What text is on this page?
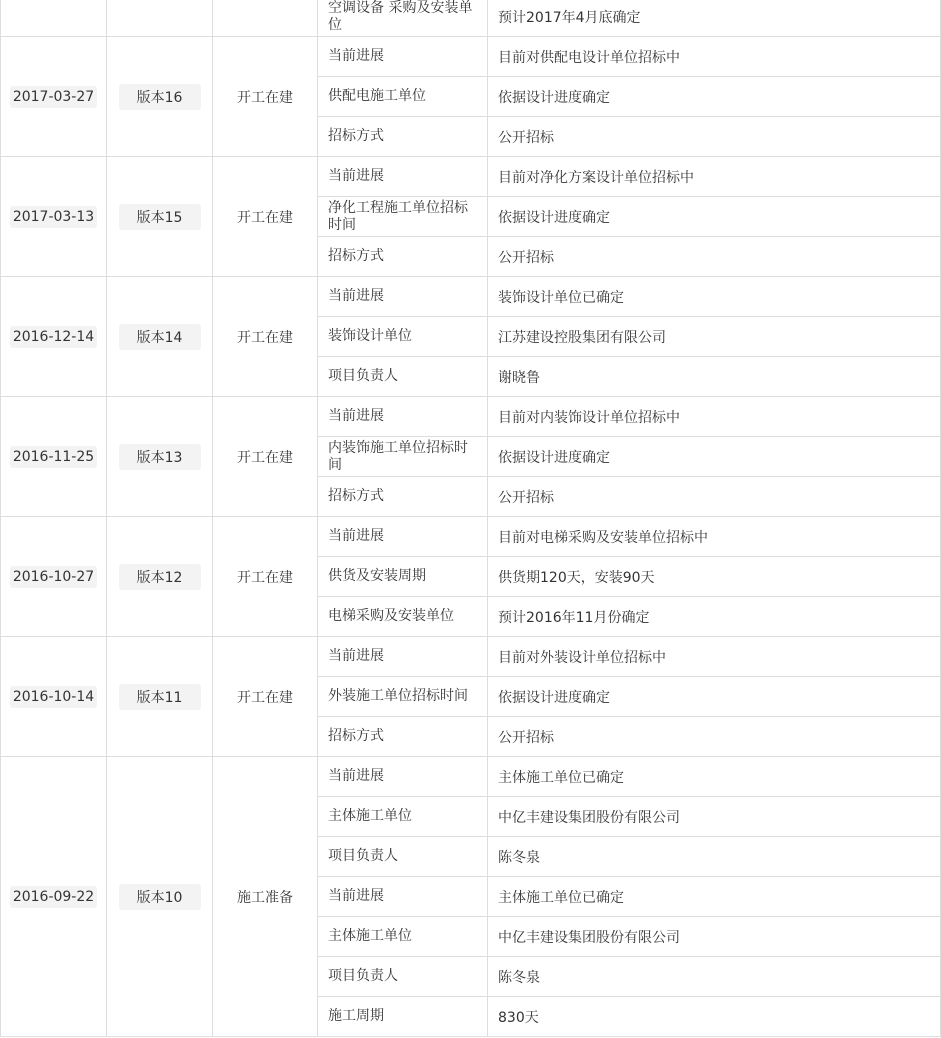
			空调设备 采购及安装单位	预计2017年4月底确定
2017-03-27	版本16	开工在建	当前进展	目前对供配电设计单位招标中
			供配电施工单位	依据设计进度确定
			招标方式	公开招标
2017-03-13	版本15	开工在建	当前进展	目前对净化方案设计单位招标中
			净化工程施工单位招标时间	依据设计进度确定
			招标方式	公开招标
2016-12-14	版本14	开工在建	当前进展	装饰设计单位已确定
			装饰设计单位	江苏建设控股集团有限公司
			项目负责人	谢晓鲁
2016-11-25	版本13	开工在建	当前进展	目前对内装饰设计单位招标中
			内装饰施工单位招标时间	依据设计进度确定
			招标方式	公开招标
2016-10-27	版本12	开工在建	当前进展	目前对电梯采购及安装单位招标中
			供货及安装周期	供货期120天，安装90天
			电梯采购及安装单位	预计2016年11月份确定
2016-10-14	版本11	开工在建	当前进展	目前对外装设计单位招标中
			外装施工单位招标时间	依据设计进度确定
			招标方式	公开招标
2016-09-22	版本10	施工准备	当前进展	主体施工单位已确定
			主体施工单位	中亿丰建设集团股份有限公司
			项目负责人	陈冬泉
			当前进展	主体施工单位已确定
			主体施工单位	中亿丰建设集团股份有限公司
			项目负责人	陈冬泉
			施工周期	830天
